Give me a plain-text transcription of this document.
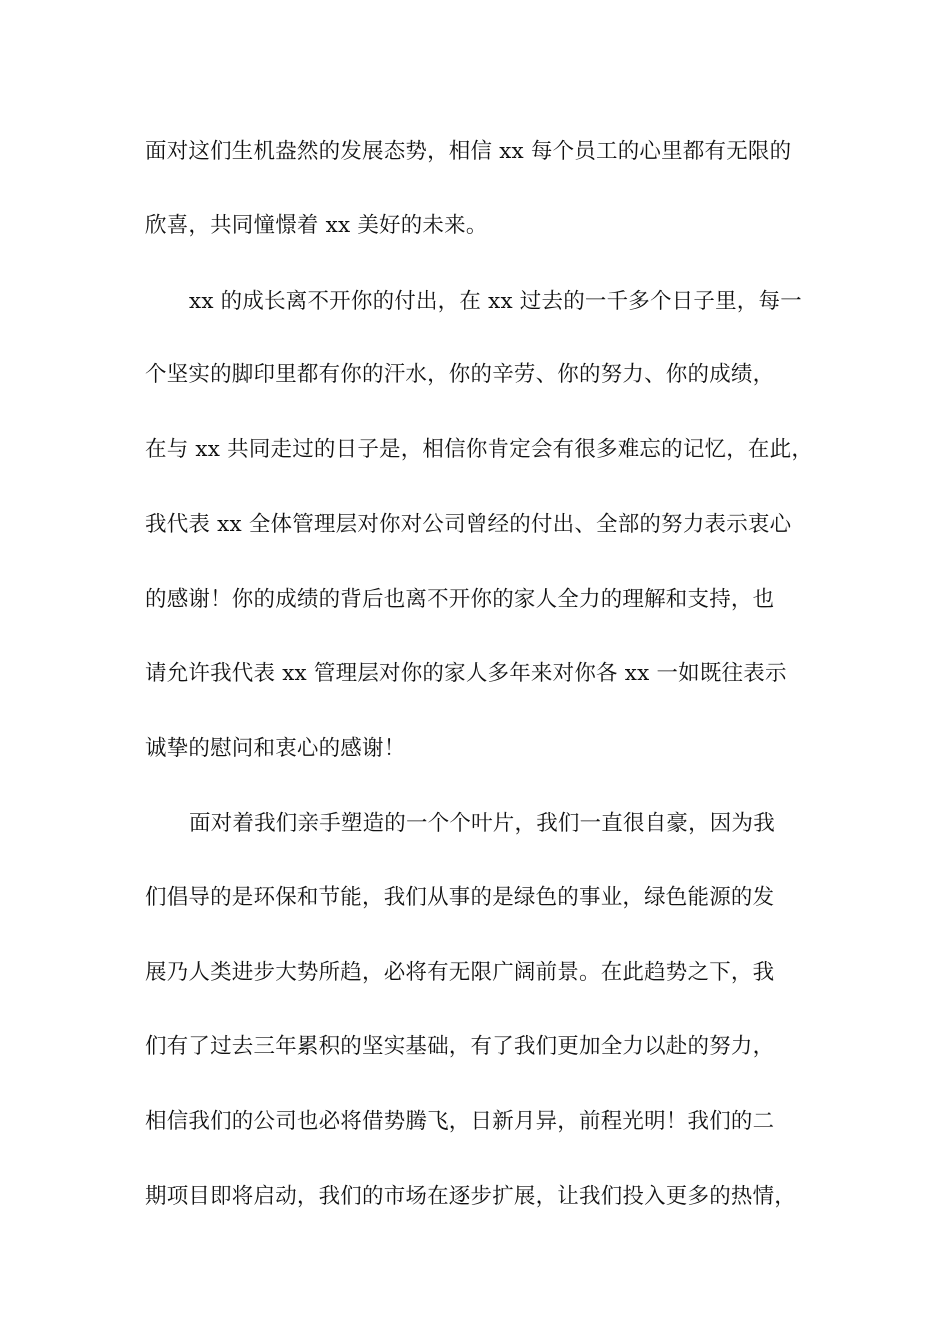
面对这们生机盎然的发展态势，相信 xx 每个员工的心里都有无限的
欣喜，共同憧憬着 xx 美好的未来。
xx 的成长离不开你的付出，在 xx 过去的一千多个日子里，每一
个坚实的脚印里都有你的汗水，你的辛劳、你的努力、你的成绩，
在与 xx 共同走过的日子是，相信你肯定会有很多难忘的记忆，在此，
我代表 xx 全体管理层对你对公司曾经的付出、全部的努力表示衷心
的感谢！你的成绩的背后也离不开你的家人全力的理解和支持，也
请允许我代表 xx 管理层对你的家人多年来对你各 xx 一如既往表示
诚挚的慰问和衷心的感谢！
面对着我们亲手塑造的一个个叶片，我们一直很自豪，因为我
们倡导的是环保和节能，我们从事的是绿色的事业，绿色能源的发
展乃人类进步大势所趋，必将有无限广阔前景。在此趋势之下，我
们有了过去三年累积的坚实基础，有了我们更加全力以赴的努力，
相信我们的公司也必将借势腾飞，日新月异，前程光明！我们的二
期项目即将启动，我们的市场在逐步扩展，让我们投入更多的热情，
